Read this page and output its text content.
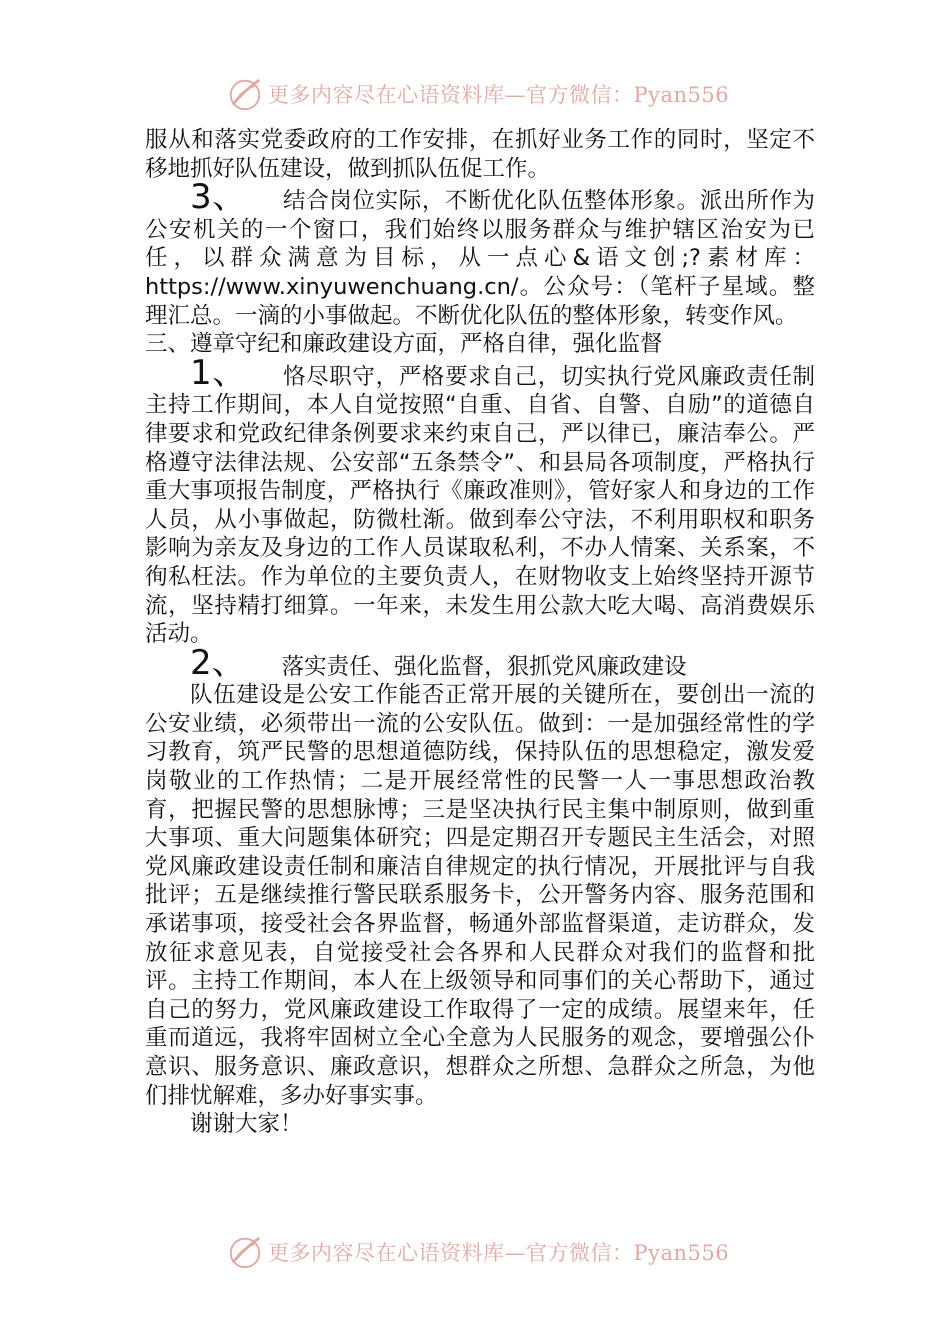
更多内容尽在心语资料库—官方微信：Pyan556

服从和落实党委政府的工作安排，在抓好业务工作的同时，坚定不移地抓好队伍建设，做到抓队伍促工作。

3、 结合岗位实际，不断优化队伍整体形象。派出所作为公安机关的一个窗口，我们始终以服务群众与维护辖区治安为已任，以群众满意为目标，从一点心&语文创;?素材库：https://www.xinyuwenchuang.cn/。公众号：（笔杆子星域。整理汇总。一滴的小事做起。不断优化队伍的整体形象，转变作风。

三、遵章守纪和廉政建设方面，严格自律，强化监督

1、 恪尽职守，严格要求自己，切实执行党风廉政责任制主持工作期间，本人自觉按照“自重、自省、自警、自励”的道德自律要求和党政纪律条例要求来约束自己，严以律已，廉洁奉公。严格遵守法律法规、公安部“五条禁令”、和县局各项制度，严格执行重大事项报告制度，严格执行《廉政准则》，管好家人和身边的工作人员，从小事做起，防微杜渐。做到奉公守法，不利用职权和职务影响为亲友及身边的工作人员谋取私利，不办人情案、关系案，不徇私枉法。作为单位的主要负责人，在财物收支上始终坚持开源节流，坚持精打细算。一年来，未发生用公款大吃大喝、高消费娱乐活动。

2、 落实责任、强化监督，狠抓党风廉政建设

队伍建设是公安工作能否正常开展的关键所在，要创出一流的公安业绩，必须带出一流的公安队伍。做到：一是加强经常性的学习教育，筑严民警的思想道德防线，保持队伍的思想稳定，激发爱岗敬业的工作热情；二是开展经常性的民警一人一事思想政治教育，把握民警的思想脉博；三是坚决执行民主集中制原则，做到重大事项、重大问题集体研究；四是定期召开专题民主生活会，对照党风廉政建设责任制和廉洁自律规定的执行情况，开展批评与自我批评；五是继续推行警民联系服务卡，公开警务内容、服务范围和承诺事项，接受社会各界监督，畅通外部监督渠道，走访群众，发放征求意见表，自觉接受社会各界和人民群众对我们的监督和批评。主持工作期间，本人在上级领导和同事们的关心帮助下，通过自己的努力，党风廉政建设工作取得了一定的成绩。展望来年，任重而道远，我将牢固树立全心全意为人民服务的观念，要增强公仆意识、服务意识、廉政意识，想群众之所想、急群众之所急，为他们排忧解难，多办好事实事。

谢谢大家！

更多内容尽在心语资料库—官方微信：Pyan556
